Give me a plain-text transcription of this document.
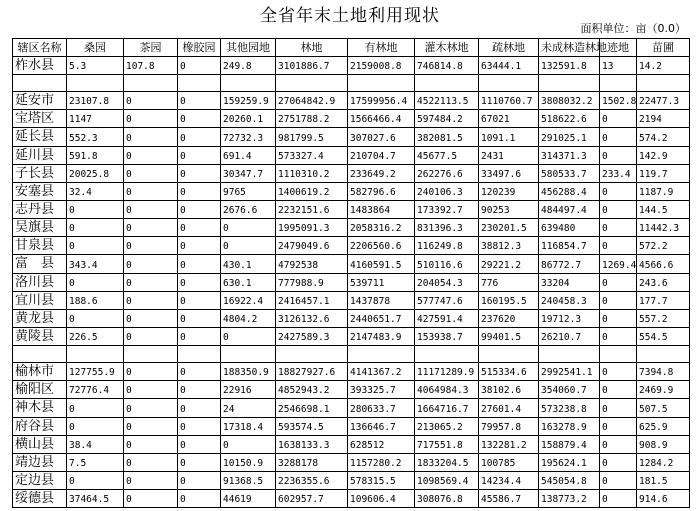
全省年末土地利用现状
面积单位：亩（0.0）
辖区名称	桑园	茶园	橡胶园	其他园地	林地	有林地	灌木林地	疏林地	未成林造林地	迹地	苗圃
柞水县	5.3	107.8	0	249.8	3101886.7	2159008.8	746814.8	63444.1	132591.8	13	14.2

延安市	23107.8	0	0	159259.9	27064842.9	17599956.4	4522113.5	1110760.7	3808032.2	1502.8	22477.3
宝塔区	1147	0	0	20260.1	2751788.2	1566466.4	597484.2	67021	518622.6	0	2194
延长县	552.3	0	0	72732.3	981799.5	307027.6	382081.5	1091.1	291025.1	0	574.2
延川县	591.8	0	0	691.4	573327.4	210704.7	45677.5	2431	314371.3	0	142.9
子长县	20025.8	0	0	30347.7	1110310.2	233649.2	262276.6	33497.6	580533.7	233.4	119.7
安塞县	32.4	0	0	9765	1400619.2	582796.6	240106.3	120239	456288.4	0	1187.9
志丹县	0	0	0	2676.6	2232151.6	1483864	173392.7	90253	484497.4	0	144.5
吴旗县	0	0	0	0	1995091.3	2058316.2	831396.3	230201.5	639480	0	11442.3
甘泉县	0	0	0	0	2479049.6	2206560.6	116249.8	38812.3	116854.7	0	572.2
富　县	343.4	0	0	430.1	4792538	4160591.5	510116.6	29221.2	86772.7	1269.4	4566.6
洛川县	0	0	0	630.1	777988.9	539711	204054.3	776	33204	0	243.6
宜川县	188.6	0	0	16922.4	2416457.1	1437878	577747.6	160195.5	240458.3	0	177.7
黄龙县	0	0	0	4804.2	3126132.6	2440651.7	427591.4	237620	19712.3	0	557.2
黄陵县	226.5	0	0	0	2427589.3	2147483.9	153938.7	99401.5	26210.7	0	554.5

榆林市	127755.9	0	0	188350.9	18827927.6	4141367.2	11171289.9	515334.6	2992541.1	0	7394.8
榆阳区	72776.4	0	0	22916	4852943.2	393325.7	4064984.3	38102.6	354060.7	0	2469.9
神木县	0	0	0	24	2546698.1	280633.7	1664716.7	27601.4	573238.8	0	507.5
府谷县	0	0	0	17318.4	593574.5	136646.7	213065.2	79957.8	163278.9	0	625.9
横山县	38.4	0	0	0	1638133.3	628512	717551.8	132281.2	158879.4	0	908.9
靖边县	7.5	0	0	10150.9	3288178	1157280.2	1833204.5	100785	195624.1	0	1284.2
定边县	0	0	0	91368.5	2236355.6	578315.5	1098569.4	14234.4	545054.8	0	181.5
绥德县	37464.5	0	0	44619	602957.7	109606.4	308076.8	45586.7	138773.2	0	914.6
